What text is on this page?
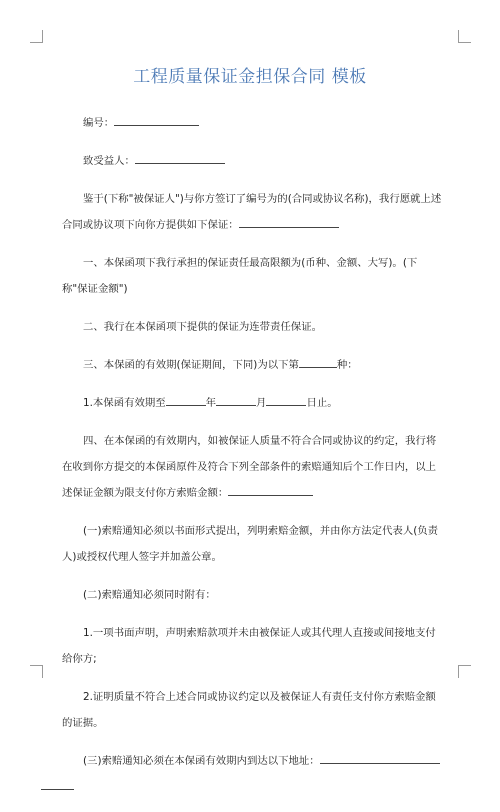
工程质量保证金担保合同 模板
编号：
致受益人：
鉴于(下称"被保证人")与你方签订了编号为的(合同或协议名称)，我行愿就上述合同或协议项下向你方提供如下保证：
一、本保函项下我行承担的保证责任最高限额为(币种、金额、大写)。(下称"保证金额")
二、我行在本保函项下提供的保证为连带责任保证。
三、本保函的有效期(保证期间，下同)为以下第	种：
1.本保函有效期至	年	月	日止。
四、在本保函的有效期内，如被保证人质量不符合合同或协议的约定，我行将在收到你方提交的本保函原件及符合下列全部条件的索赔通知后个工作日内，以上述保证金额为限支付你方索赔金额：
(一)索赔通知必须以书面形式提出，列明索赔金额，并由你方法定代表人(负责人)或授权代理人签字并加盖公章。
(二)索赔通知必须同时附有：
1.一项书面声明，声明索赔款项并未由被保证人或其代理人直接或间接地支付给你方;
2.证明质量不符合上述合同或协议约定以及被保证人有责任支付你方索赔金额的证据。
(三)索赔通知必须在本保函有效期内到达以下地址：
